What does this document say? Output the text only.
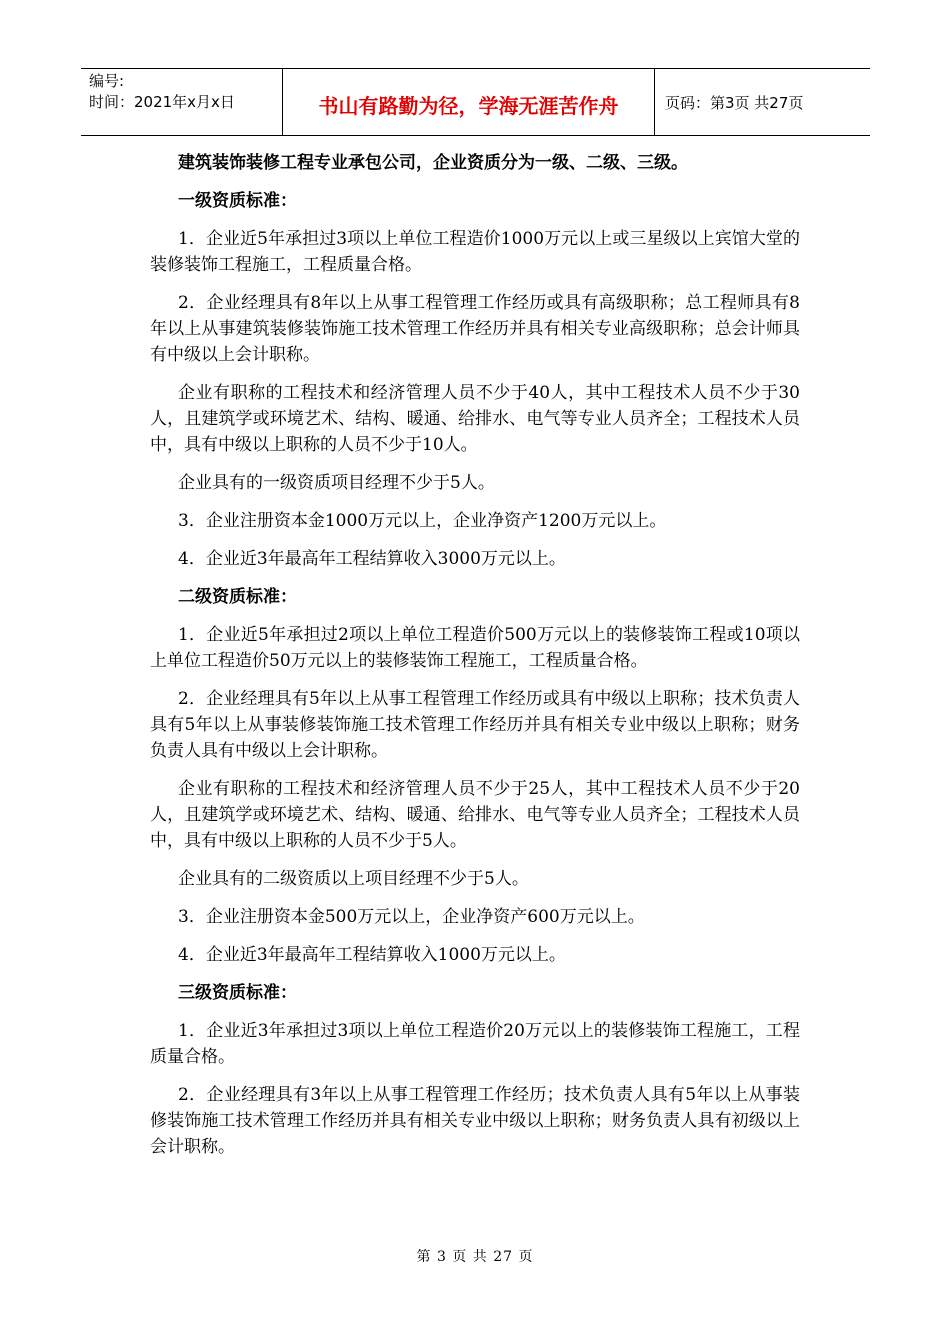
编号:
时间：2021年x月x日	书山有路勤为径，学海无涯苦作舟	页码：第3页 共27页

建筑装饰装修工程专业承包公司，企业资质分为一级、二级、三级。

一级资质标准：

1．企业近5年承担过3项以上单位工程造价1000万元以上或三星级以上宾馆大堂的装修装饰工程施工，工程质量合格。

2．企业经理具有8年以上从事工程管理工作经历或具有高级职称；总工程师具有8年以上从事建筑装修装饰施工技术管理工作经历并具有相关专业高级职称；总会计师具有中级以上会计职称。

企业有职称的工程技术和经济管理人员不少于40人，其中工程技术人员不少于30人，且建筑学或环境艺术、结构、暖通、给排水、电气等专业人员齐全；工程技术人员中，具有中级以上职称的人员不少于10人。

企业具有的一级资质项目经理不少于5人。

3．企业注册资本金1000万元以上，企业净资产1200万元以上。

4．企业近3年最高年工程结算收入3000万元以上。

二级资质标准：

1．企业近5年承担过2项以上单位工程造价500万元以上的装修装饰工程或10项以上单位工程造价50万元以上的装修装饰工程施工，工程质量合格。

2．企业经理具有5年以上从事工程管理工作经历或具有中级以上职称；技术负责人具有5年以上从事装修装饰施工技术管理工作经历并具有相关专业中级以上职称；财务负责人具有中级以上会计职称。

企业有职称的工程技术和经济管理人员不少于25人，其中工程技术人员不少于20人，且建筑学或环境艺术、结构、暖通、给排水、电气等专业人员齐全；工程技术人员中，具有中级以上职称的人员不少于5人。

企业具有的二级资质以上项目经理不少于5人。

3．企业注册资本金500万元以上，企业净资产600万元以上。

4．企业近3年最高年工程结算收入1000万元以上。

三级资质标准：

1．企业近3年承担过3项以上单位工程造价20万元以上的装修装饰工程施工，工程质量合格。

2．企业经理具有3年以上从事工程管理工作经历；技术负责人具有5年以上从事装修装饰施工技术管理工作经历并具有相关专业中级以上职称；财务负责人具有初级以上会计职称。

第 3 页 共 27 页
